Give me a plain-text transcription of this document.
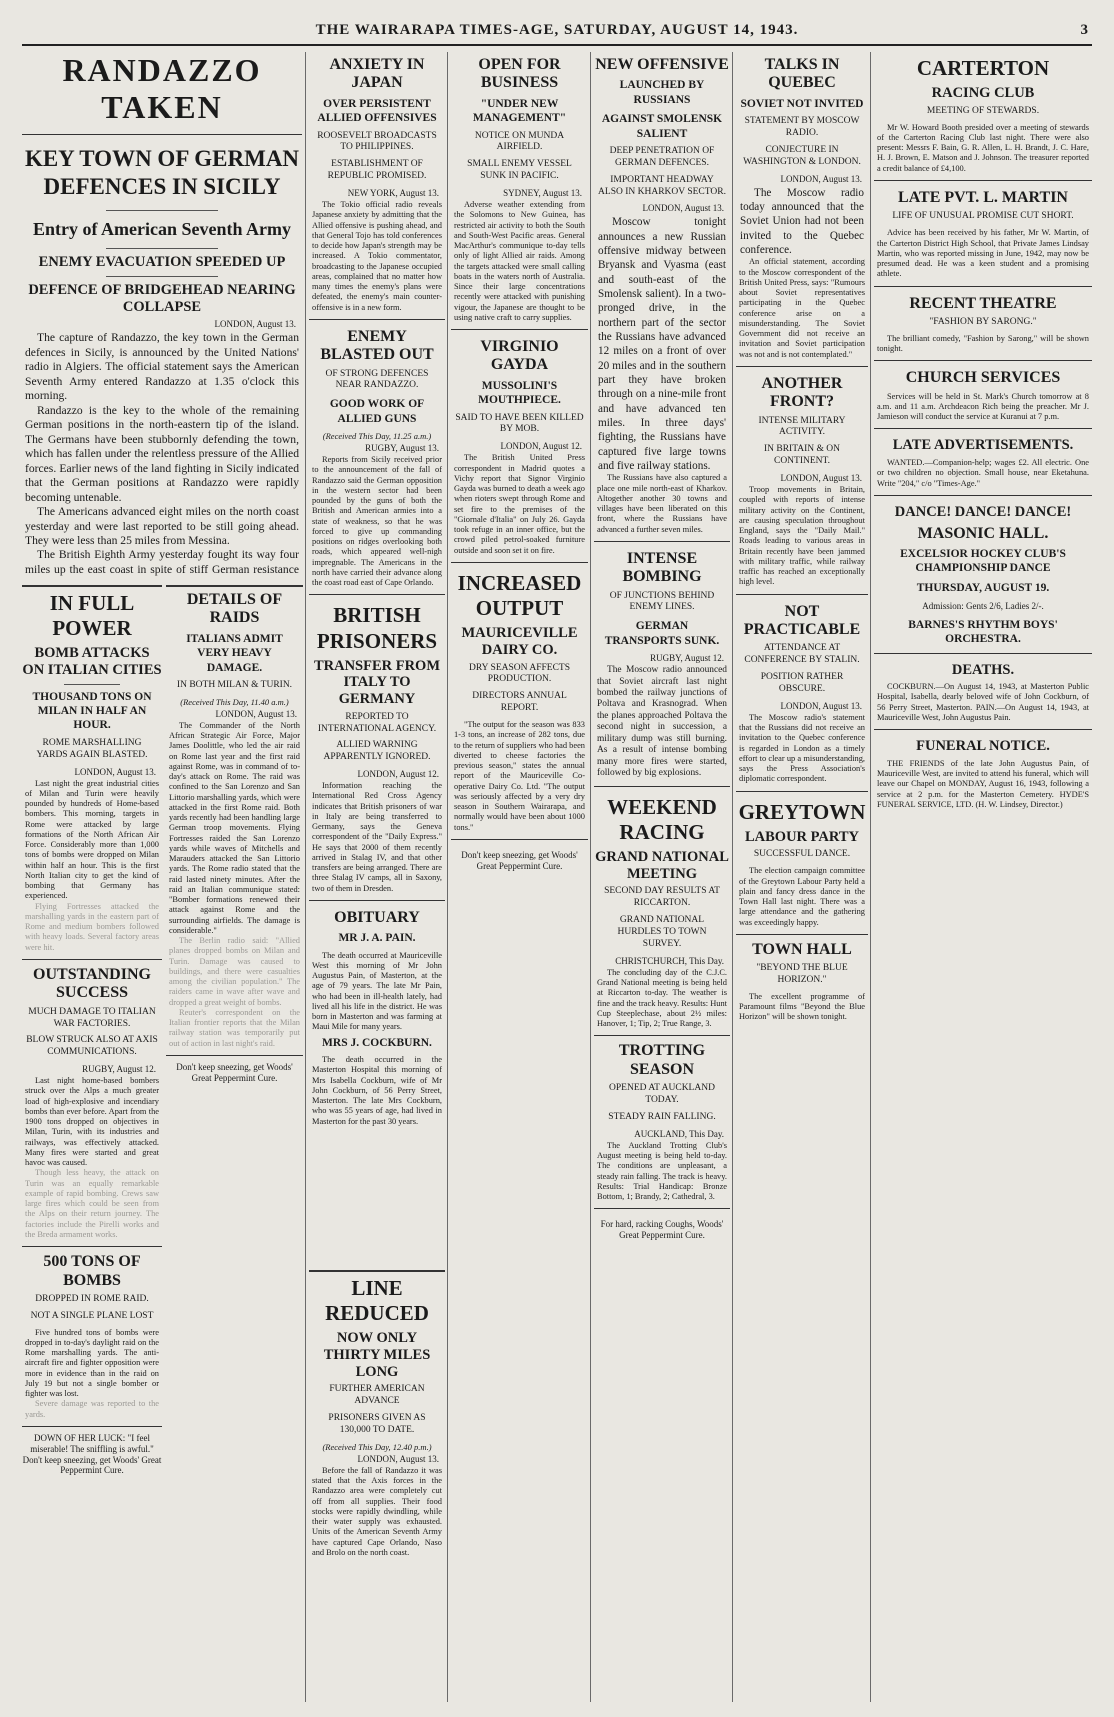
THE WAIRARAPA TIMES-AGE, SATURDAY, AUGUST 14, 1943.	3
RANDAZZO TAKEN
KEY TOWN OF GERMAN DEFENCES IN SICILY
Entry of American Seventh Army
ENEMY EVACUATION SPEEDED UP
DEFENCE OF BRIDGEHEAD NEARING COLLAPSE
LONDON, August 13.

The capture of Randazzo, the key town in the German defences in Sicily, is announced by the United Nations' radio in Algiers. The official statement says the American Seventh Army entered Randazzo at 1.35 o'clock this morning.

Randazzo is the key to the whole of the remaining German positions in the north-eastern tip of the island. The Germans have been stubbornly defending the town, which has fallen under the relentless pressure of the Allied forces. Earlier news of the land fighting in Sicily indicated that the German positions at Randazzo were rapidly becoming untenable.

The Americans advanced eight miles on the north coast yesterday and were last reported to be still going ahead. They were less than 25 miles from Messina.

The British Eighth Army yesterday fought its way four miles up the east coast in spite of stiff German resistance

IN FULL POWER
BOMB ATTACKS ON ITALIAN CITIES
THOUSAND TONS ON MILAN IN HALF AN HOUR.
ROME MARSHALLING YARDS AGAIN BLASTED.
LONDON, August 13.

Last night the great industrial cities of Milan and Turin were heavily pounded by hundreds of Home-based bombers. This morning, targets in Rome were attacked by large formations of the North African Air Force. Considerably more than 1,000 tons of bombs were dropped on Milan within half an hour. This is the first North Italian city to get the kind of bombing that Germany has experienced.

Flying Fortresses attacked the marshalling yards in the eastern part of Rome and medium bombers followed with heavy loads. Several factory areas were hit.

OUTSTANDING SUCCESS
MUCH DAMAGE TO ITALIAN WAR FACTORIES.
BLOW STRUCK ALSO AT AXIS COMMUNICATIONS.
RUGBY, August 12.

Last night home-based bombers struck over the Alps a much greater load of high-explosive and incendiary bombs than ever before. Apart from the 1900 tons dropped on objectives in Milan, Turin, with its industries and railways, was effectively attacked. Many fires were started and great havoc was caused.

Though less heavy, the attack on Turin was an equally remarkable example of rapid bombing. Crews saw large fires which could be seen from the Alps on their return journey. The factories include the Pirelli works and the Breda armament works.

500 TONS OF BOMBS
DROPPED IN ROME RAID.
NOT A SINGLE PLANE LOST

Five hundred tons of bombs were dropped in to-day's daylight raid on the Rome marshalling yards. The anti-aircraft fire and fighter opposition were more in evidence than in the raid on July 19 but not a single bomber or fighter was lost.

Severe damage was reported to the yards.

DOWN OF HER LUCK: "I feel miserable! The sniffling is awful." Don't keep sneezing, get Woods' Great Peppermint Cure.

DETAILS OF RAIDS
ITALIANS ADMIT VERY HEAVY DAMAGE.
IN BOTH MILAN & TURIN.
(Received This Day, 11.40 a.m.)
LONDON, August 13.

The Commander of the North African Strategic Air Force, Major James Doolittle, who led the air raid on Rome last year and the first raid against Rome, was in command of to-day's attack on Rome. The raid was confined to the San Lorenzo and San Littorio marshalling yards, which were attacked in the first Rome raid. Both yards recently had been handling large German troop movements. Flying Fortresses raided the San Lorenzo yards while waves of Mitchells and Marauders attacked the San Littorio yards. The Rome radio stated that the raid lasted ninety minutes. After the raid an Italian communique stated: "Bomber formations renewed their attack against Rome and the surrounding airfields. The damage is considerable."

The Berlin radio said: "Allied planes dropped bombs on Milan and Turin. Damage was caused to buildings, and there were casualties among the civilian population." The raiders came in wave after wave and dropped a great weight of bombs.

Reuter's correspondent on the Italian frontier reports that the Milan railway station was temporarily put out of action in last night's raid.

Don't keep sneezing, get Woods' Great Peppermint Cure.

ANXIETY IN JAPAN
OVER PERSISTENT ALLIED OFFENSIVES
ROOSEVELT BROADCASTS TO PHILIPPINES.
ESTABLISHMENT OF REPUBLIC PROMISED.
NEW YORK, August 13.

The Tokio official radio reveals Japanese anxiety by admitting that the Allied offensive is pushing ahead, and that General Tojo has told conferences to decide how Japan's strength may be increased. A Tokio commentator, broadcasting to the Japanese occupied areas, complained that no matter how many times the enemy's plans were defeated, the enemy's main counter-offensive is in a new form.

ENEMY BLASTED OUT
OF STRONG DEFENCES NEAR RANDAZZO.
GOOD WORK OF ALLIED GUNS
(Received This Day, 11.25 a.m.)
RUGBY, August 13.

Reports from Sicily received prior to the announcement of the fall of Randazzo said the German opposition in the western sector had been pounded by the guns of both the British and American armies into a state of weakness, so that he was forced to give up commanding positions on ridges overlooking both roads, which appeared well-nigh impregnable. The Americans in the north have carried their advance along the coast road east of Cape Orlando.

BRITISH PRISONERS
TRANSFER FROM ITALY TO GERMANY
REPORTED TO INTERNATIONAL AGENCY.
ALLIED WARNING APPARENTLY IGNORED.
LONDON, August 12.

Information reaching the International Red Cross Agency indicates that British prisoners of war in Italy are being transferred to Germany, says the Geneva correspondent of the "Daily Express." He says that 2000 of them recently arrived in Stalag IV, and that other transfers are being arranged. There are three Stalag IV camps, all in Saxony, two of them in Dresden.

OBITUARY
MR J. A. PAIN.

The death occurred at Mauriceville West this morning of Mr John Augustus Pain, of Masterton, at the age of 79 years. The late Mr Pain, who had been in ill-health lately, had lived all his life in the district. He was born in Masterton and was farming at Maui Mile for many years.

MRS J. COCKBURN.

The death occurred in the Masterton Hospital this morning of Mrs Isabella Cockburn, wife of Mr John Cockburn, of 56 Perry Street, Masterton. The late Mrs Cockburn, who was 55 years of age, had lived in Masterton for the past 30 years.

LINE REDUCED
NOW ONLY THIRTY MILES LONG
FURTHER AMERICAN ADVANCE
PRISONERS GIVEN AS 130,000 TO DATE.
(Received This Day, 12.40 p.m.)
LONDON, August 13.

Before the fall of Randazzo it was stated that the Axis forces in the Randazzo area were completely cut off from all supplies. Their food stocks were rapidly dwindling, while their water supply was exhausted. Units of the American Seventh Army have captured Cape Orlando, Naso and Brolo on the north coast.

OPEN FOR BUSINESS
"UNDER NEW MANAGEMENT"
NOTICE ON MUNDA AIRFIELD.
SMALL ENEMY VESSEL SUNK IN PACIFIC.
SYDNEY, August 13.

Adverse weather extending from the Solomons to New Guinea, has restricted air activity to both the South and South-West Pacific areas. General MacArthur's communique to-day tells only of light Allied air raids. Among the targets attacked were small calling boats in the waters north of Australia. Since their large concentrations recently were attacked with punishing vigour, the Japanese are thought to be using native craft to carry supplies.

VIRGINIO GAYDA
MUSSOLINI'S MOUTHPIECE.
SAID TO HAVE BEEN KILLED BY MOB.
LONDON, August 12.

The British United Press correspondent in Madrid quotes a Vichy report that Signor Virginio Gayda was burned to death a week ago when rioters swept through Rome and set fire to the premises of the "Giornale d'Italia" on July 26. Gayda took refuge in an inner office, but the crowd piled petrol-soaked furniture outside and soon set it on fire.

INCREASED OUTPUT
MAURICEVILLE DAIRY CO.
DRY SEASON AFFECTS PRODUCTION.
DIRECTORS ANNUAL REPORT.

"The output for the season was 833 1-3 tons, an increase of 282 tons, due to the return of suppliers who had been diverted to cheese factories the previous season," states the annual report of the Mauriceville Co-operative Dairy Co. Ltd. "The output was seriously affected by a very dry season in Southern Wairarapa, and normally would have been about 1000 tons."

Don't keep sneezing, get Woods' Great Peppermint Cure.

NEW OFFENSIVE
LAUNCHED BY RUSSIANS
AGAINST SMOLENSK SALIENT
DEEP PENETRATION OF GERMAN DEFENCES.
IMPORTANT HEADWAY ALSO IN KHARKOV SECTOR.
LONDON, August 13.

Moscow tonight announces a new Russian offensive midway between Bryansk and Vyasma (east and south-east of the Smolensk salient). In a two-pronged drive, in the northern part of the sector the Russians have advanced 12 miles on a front of over 20 miles and in the southern part they have broken through on a nine-mile front and have advanced ten miles. In three days' fighting, the Russians have captured five large towns and five railway stations.

The Russians have also captured a place one mile north-east of Kharkov. Altogether another 30 towns and villages have been liberated on this front, where the Russians have advanced a further seven miles.

INTENSE BOMBING
OF JUNCTIONS BEHIND ENEMY LINES.
GERMAN TRANSPORTS SUNK.
RUGBY, August 12.

The Moscow radio announced that Soviet aircraft last night bombed the railway junctions of Poltava and Krasnograd. When the planes approached Poltava the second night in succession, a military dump was still burning. As a result of intense bombing many more fires were started, followed by big explosions.

WEEKEND RACING
GRAND NATIONAL MEETING
SECOND DAY RESULTS AT RICCARTON.
GRAND NATIONAL HURDLES TO TOWN SURVEY.
CHRISTCHURCH, This Day.

The concluding day of the C.J.C. Grand National meeting is being held at Riccarton to-day. The weather is fine and the track heavy. Results: Hunt Cup Steeplechase, about 2½ miles: Hanover, 1; Tip, 2; True Range, 3.

TROTTING SEASON
OPENED AT AUCKLAND TODAY.
STEADY RAIN FALLING.
AUCKLAND, This Day.

The Auckland Trotting Club's August meeting is being held to-day. The conditions are unpleasant, a steady rain falling. The track is heavy. Results: Trial Handicap: Bronze Bottom, 1; Brandy, 2; Cathedral, 3.

For hard, racking Coughs, Woods' Great Peppermint Cure.

TALKS IN QUEBEC
SOVIET NOT INVITED
STATEMENT BY MOSCOW RADIO.
CONJECTURE IN WASHINGTON & LONDON.
LONDON, August 13.

The Moscow radio today announced that the Soviet Union had not been invited to the Quebec conference.

An official statement, according to the Moscow correspondent of the British United Press, says: "Rumours about Soviet representatives participating in the Quebec conference arise on a misunderstanding. The Soviet Government did not receive an invitation and Soviet participation was not and is not contemplated."

ANOTHER FRONT?
INTENSE MILITARY ACTIVITY.
IN BRITAIN & ON CONTINENT.
LONDON, August 13.

Troop movements in Britain, coupled with reports of intense military activity on the Continent, are causing speculation throughout England, says the "Daily Mail." Roads leading to various areas in Britain recently have been jammed with military traffic, while railway traffic has reached an exceptionally high level.

NOT PRACTICABLE
ATTENDANCE AT CONFERENCE BY STALIN.
POSITION RATHER OBSCURE.
LONDON, August 13.

The Moscow radio's statement that the Russians did not receive an invitation to the Quebec conference is regarded in London as a timely effort to clear up a misunderstanding, says the Press Association's diplomatic correspondent.

GREYTOWN
LABOUR PARTY
SUCCESSFUL DANCE.

The election campaign committee of the Greytown Labour Party held a plain and fancy dress dance in the Town Hall last night. There was a large attendance and the gathering was exceedingly happy.

TOWN HALL
"BEYOND THE BLUE HORIZON."

The excellent programme of Paramount films "Beyond the Blue Horizon" will be shown tonight.

CARTERTON
RACING CLUB
MEETING OF STEWARDS.

Mr W. Howard Booth presided over a meeting of stewards of the Carterton Racing Club last night. There were also present: Messrs F. Bain, G. R. Allen, L. H. Brandt, J. C. Hare, H. J. Brown, E. Matson and J. Johnson. The treasurer reported a credit balance of £4,100.

LATE PVT. L. MARTIN
LIFE OF UNUSUAL PROMISE CUT SHORT.

Advice has been received by his father, Mr W. Martin, of the Carterton District High School, that Private James Lindsay Martin, who was reported missing in June, 1942, may now be presumed dead. He was a keen student and a promising athlete.

RECENT THEATRE
"FASHION BY SARONG."

The brilliant comedy, "Fashion by Sarong," will be shown tonight.

CHURCH SERVICES

Services will be held in St. Mark's Church tomorrow at 8 a.m. and 11 a.m. Archdeacon Rich being the preacher. Mr J. Jamieson will conduct the service at Kuranui at 7 p.m.

LATE ADVERTISEMENTS.

WANTED.—Companion-help; wages £2. All electric. One or two children no objection. Small house, near Eketahuna. Write "204," c/o "Times-Age."

DANCE! DANCE! DANCE!
MASONIC HALL.
EXCELSIOR HOCKEY CLUB'S CHAMPIONSHIP DANCE
THURSDAY, AUGUST 19.
Admission: Gents 2/6, Ladies 2/-.
BARNES'S RHYTHM BOYS' ORCHESTRA.
DEATHS.

COCKBURN.—On August 14, 1943, at Masterton Public Hospital, Isabella, dearly beloved wife of John Cockburn, of 56 Perry Street, Masterton. PAIN.—On August 14, 1943, at Mauriceville West, John Augustus Pain.

FUNERAL NOTICE.

THE FRIENDS of the late John Augustus Pain, of Mauriceville West, are invited to attend his funeral, which will leave our Chapel on MONDAY, August 16, 1943, following a service at 2 p.m. for the Masterton Cemetery. HYDE'S FUNERAL SERVICE, LTD. (H. W. Lindsey, Director.)
